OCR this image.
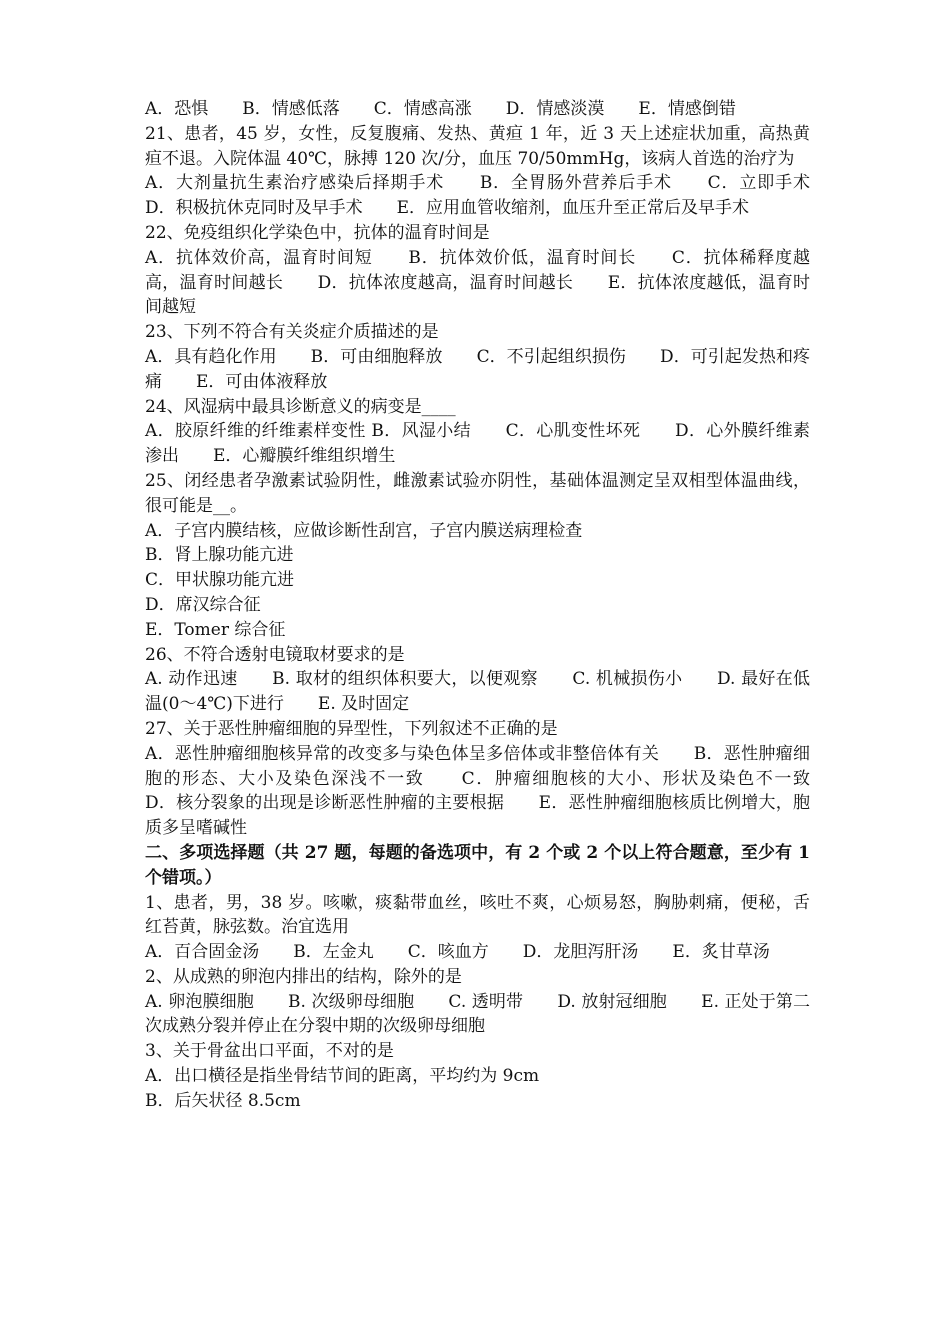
A．恐惧　　B．情感低落　　C．情感高涨　　D．情感淡漠　　E．情感倒错

21、患者，45 岁，女性，反复腹痛、发热、黄疸 1 年，近 3 天上述症状加重，高热黄疸不退。入院体温 40℃，脉搏 120 次/分，血压 70/50mmHg，该病人首选的治疗为

A．大剂量抗生素治疗感染后择期手术　　B．全胃肠外营养后手术　　C．立即手术　　D．积极抗休克同时及早手术　　E．应用血管收缩剂，血压升至正常后及早手术

22、免疫组织化学染色中，抗体的温育时间是

A．抗体效价高，温育时间短　　B．抗体效价低，温育时间长　　C．抗体稀释度越高，温育时间越长　　D．抗体浓度越高，温育时间越长　　E．抗体浓度越低，温育时间越短

23、下列不符合有关炎症介质描述的是

A．具有趋化作用　　B．可由细胞释放　　C．不引起组织损伤　　D．可引起发热和疼痛　　E．可由体液释放

24、风湿病中最具诊断意义的病变是____

A．胶原纤维的纤维素样变性 B．风湿小结　　C．心肌变性坏死　　D．心外膜纤维素渗出　　E．心瓣膜纤维组织增生

25、闭经患者孕激素试验阴性，雌激素试验亦阴性，基础体温测定呈双相型体温曲线，很可能是__。

A．子宫内膜结核，应做诊断性刮宫，子宫内膜送病理检查

B．肾上腺功能亢进

C．甲状腺功能亢进

D．席汉综合征

E．Tomer 综合征

26、不符合透射电镜取材要求的是

A. 动作迅速　　B. 取材的组织体积要大，以便观察　　C. 机械损伤小　　D. 最好在低温(0～4℃)下进行　　E. 及时固定

27、关于恶性肿瘤细胞的异型性，下列叙述不正确的是

A．恶性肿瘤细胞核异常的改变多与染色体呈多倍体或非整倍体有关　　B．恶性肿瘤细胞的形态、大小及染色深浅不一致　　C．肿瘤细胞核的大小、形状及染色不一致　　D．核分裂象的出现是诊断恶性肿瘤的主要根据　　E．恶性肿瘤细胞核质比例增大，胞质多呈嗜碱性

二、多项选择题（共 27 题，每题的备选项中，有 2 个或 2 个以上符合题意，至少有 1 个错项。）

1、患者，男，38 岁。咳嗽，痰黏带血丝，咳吐不爽，心烦易怒，胸胁刺痛，便秘，舌红苔黄，脉弦数。治宜选用

A．百合固金汤　　B．左金丸　　C．咳血方　　D．龙胆泻肝汤　　E．炙甘草汤

2、从成熟的卵泡内排出的结构，除外的是

A. 卵泡膜细胞　　B. 次级卵母细胞　　C. 透明带　　D. 放射冠细胞　　E. 正处于第二次成熟分裂并停止在分裂中期的次级卵母细胞

3、关于骨盆出口平面，不对的是

A．出口横径是指坐骨结节间的距离，平均约为 9cm

B．后矢状径 8.5cm
